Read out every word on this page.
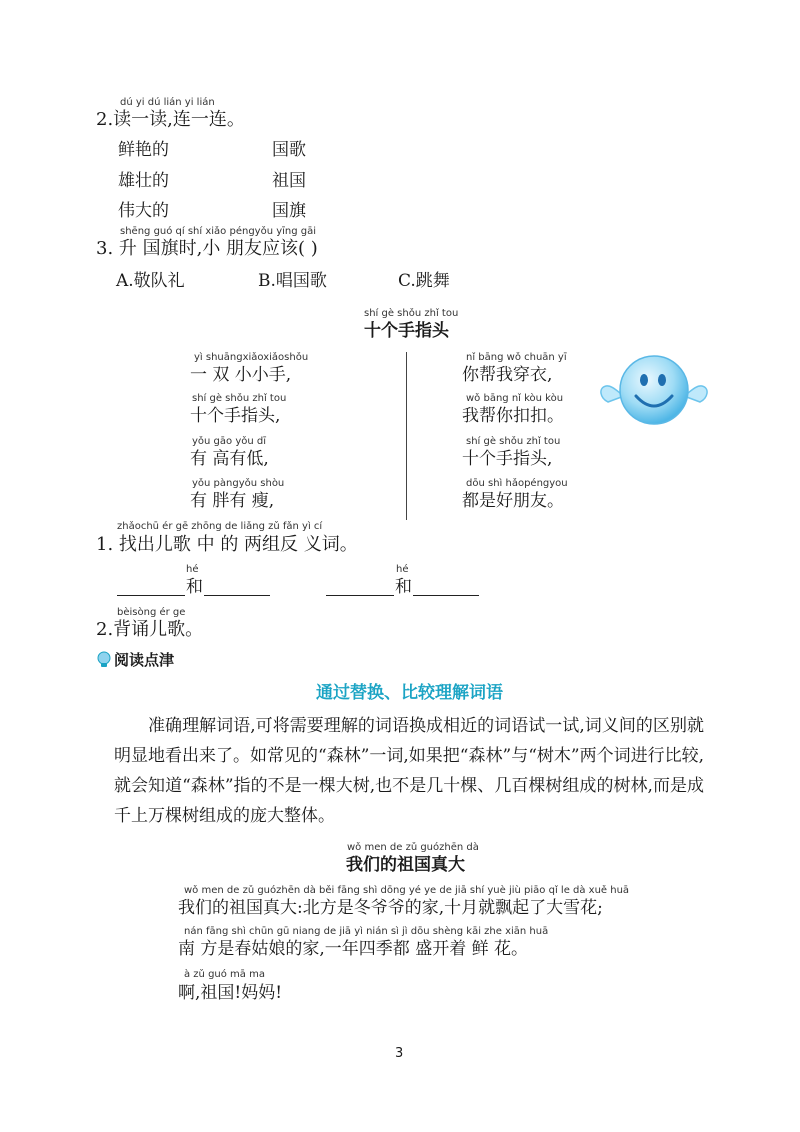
dú yi dú lián yi lián
2.读一读,连一连。
鲜艳的
雄壮的
伟大的
国歌
祖国
国旗
shēng guó qí shí xiǎo péngyǒu yīng gāi
3. 升 国旗时,小 朋友应该( )
A.敬队礼	B.唱国歌	C.跳舞
shí gè shǒu zhǐ tou
十个手指头
yì shuāngxiǎoxiǎoshǒu
一 双 小小手,
shí gè shǒu zhǐ tou
十个手指头,
yǒu gāo yǒu dī
有 高有低,
yǒu pàngyǒu shòu
有 胖有 瘦,
nǐ bāng wǒ chuān yī
你帮我穿衣,
wǒ bāng nǐ kòu kòu
我帮你扣扣。
shí gè shǒu zhǐ tou
十个手指头,
dōu shì hǎopéngyou
都是好朋友。
zhǎochū ér gē zhōng de liǎng zǔ fǎn yì cí
1. 找出儿歌 中 的 两组反 义词。
hé
和
hé
和
bèisòng ér ge
2.背诵儿歌。
阅读点津
通过替换、比较理解词语
准确理解词语,可将需要理解的词语换成相近的词语试一试,词义间的区别就明显地看出来了。如常见的“森林”一词,如果把“森林”与“树木”两个词进行比较,就会知道“森林”指的不是一棵大树,也不是几十棵、几百棵树组成的树林,而是成千上万棵树组成的庞大整体。
wǒ men de zǔ guózhēn dà
我们的祖国真大
wǒ men de zǔ guózhēn dà běi fāng shì dōng yé ye de jiā shí yuè jiù piāo qǐ le dà xuě huā
我们的祖国真大:北方是冬爷爷的家,十月就飘起了大雪花;
nán fāng shì chūn gū niang de jiā yì nián sì jì dōu shèng kāi zhe xiān huā
南 方是春姑娘的家,一年四季都 盛开着 鲜 花。
à zǔ guó mā ma
啊,祖国!妈妈!
3
